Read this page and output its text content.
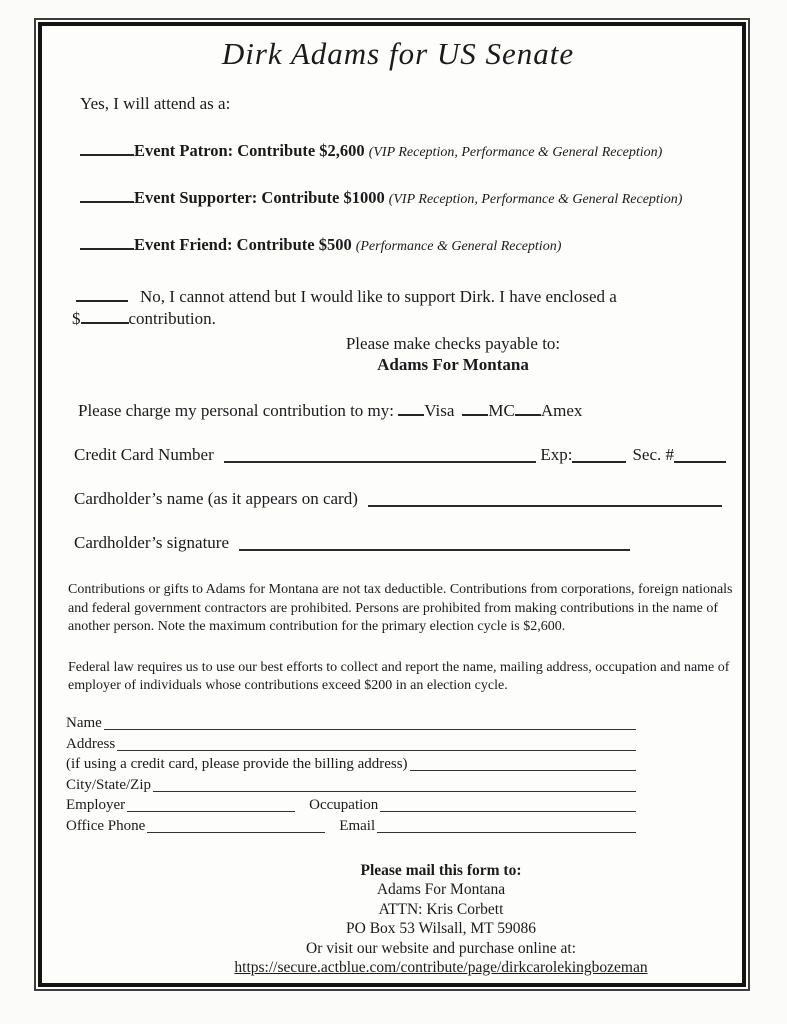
Dirk Adams for US Senate

Yes, I will attend as a:

Event Patron: Contribute $2,600 (VIP Reception, Performance & General Reception)
Event Supporter: Contribute $1000 (VIP Reception, Performance & General Reception)
Event Friend: Contribute $500 (Performance & General Reception)
No, I cannot attend but I would like to support Dirk. I have enclosed a
$	contribution.
Please make checks payable to:
Adams For Montana
Please charge my personal contribution to my: Visa MC Amex
Credit Card Number	Exp:	Sec. #
Cardholder’s name (as it appears on card)
Cardholder’s signature

Contributions or gifts to Adams for Montana are not tax deductible. Contributions from corporations, foreign nationals and federal government contractors are prohibited. Persons are prohibited from making contributions in the name of another person. Note the maximum contribution for the primary election cycle is $2,600.

Federal law requires us to use our best efforts to collect and report the name, mailing address, occupation and name of employer of individuals whose contributions exceed $200 in an election cycle.

Name
Address
(if using a credit card, please provide the billing address)
City/State/Zip
Employer	Occupation
Office Phone	Email
Please mail this form to:
Adams For Montana
ATTN: Kris Corbett
PO Box 53 Wilsall, MT 59086
Or visit our website and purchase online at:
https://secure.actblue.com/contribute/page/dirkcarolekingbozeman
